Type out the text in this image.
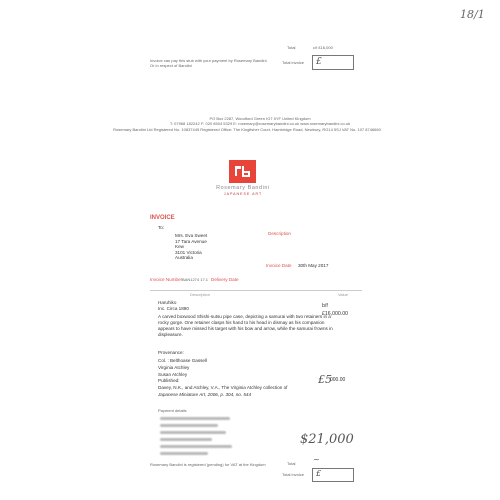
18/1
Invoice can pay this stub with your payment by Rosemary Bandini. Or in respect of Bandini
Total	c/f £16,000
Total invoice £
PO Box 2287, Woodford Green IG7 5YF United Kingdom
T: 07968 182242 F: 020 8504 5329 E: rosemary@rosemarybandini.co.uk www.rosemarybandini.co.uk
Rosemary Bandini Ltd Registered No. 10837445 Registered Office: The Kingfisher Court, Hambridge Road, Newbury, RG14 5SJ VAT No. 107 8746660
Rosemary Bandini
JAPANESE ART
INVOICE
To:
Mrs. Eva Sweet
17 Tara Avenue
Kew
3101 Victoria
Australia
Description
Invoice Date 30th May 2017
Invoice Number BAN1274 17.1 Delivery Date
Description	Value
Haruhiko
Inc. Circa 1890
A carved boxwood Shishi-sutsu pipe case, depicting a samurai with two retainers in a rocky gorge. One retainer clasps his hand to his head in dismay as his companion appears to have missed his target with his bow and arrow, while the samurai frowns in displeasure.
b/f
£16,000.00
Provenance:
Col. : Belthoase Gassell
Virginia Atchley
Susan Atchley
Published:
Davey, N.K., and Atchley, V.A., The Virginia Atchley collection of
Japanese Miniature Art, 2006, p. 304, no. 544
£5
000.00
Payment details
$21,000
Rosemary Bandini is registered (pending) for VAT at the Kingdom	Total ~
Total invoice £
